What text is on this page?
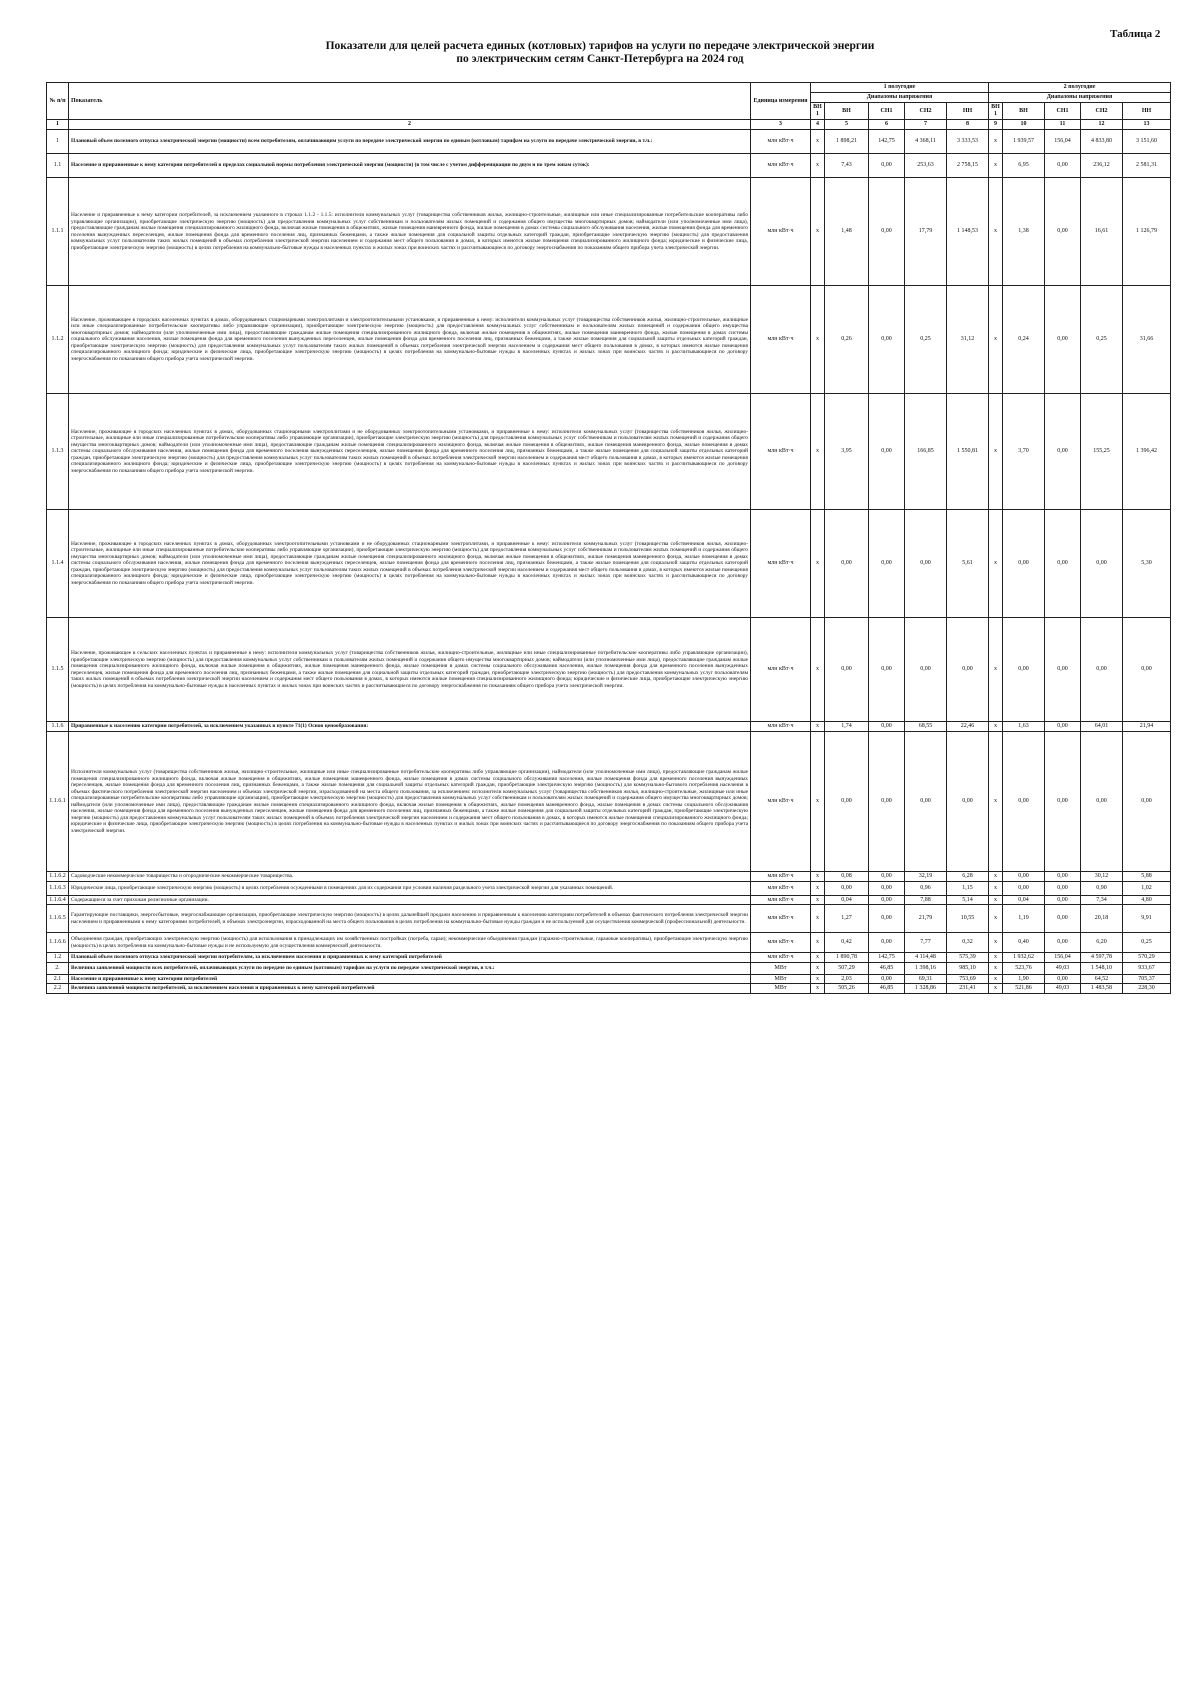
Таблица 2
Показатели для целей расчета единых (котловых) тарифов на услуги по передаче электрической энергии
по электрическим сетям Санкт-Петербурга на 2024 год
№ п/п	Показатель	Единица измерения	1 полугодие					2 полугодие				
			Диапазоны напряжения					Диапазоны напряжения				
			ВН1	ВН	СН1	СН2	НН	ВН1	ВН	СН1	СН2	НН
1	2	3	4	5	6	7	8	9	10	11	12	13
1	Плановый объем полезного отпуска электрической энергии (мощности) всем потребителям, оплачивающим услуги по передаче электрической энергии по единым (котловым) тарифам на услуги по передаче электрической энергии, в т.ч.:	млн кВт·ч	x	1 898,21	142,75	4 368,11	3 333,53	x	1 939,57	156,04	4 833,80	3 151,60
1.1	Население и приравненные к нему категории потребителей в пределах социальной нормы потребления электрической энергии (мощности) (в том числе с учетом дифференциации по двум и по трем зонам суток):	млн кВт·ч	x	7,43	0,00	253,63	2 758,15	x	6,95	0,00	236,12	2 581,31
1.1.1	Население и приравненные к нему категории потребителей, за исключением указанного в строках 1.1.2 - 1.1.5: исполнители коммунальных услуг (товарищества собственников жилья, жилищно-строительные, жилищные или иные специализированные потребительские кооперативы либо управляющие организации), приобретающие электрическую энергию (мощность) для предоставления коммунальных услуг собственникам и пользователям жилых помещений и содержания общего имущества многоквартирных домов; наймодатели (или уполномоченные ими лица), предоставляющие гражданам жилые помещения специализированного жилищного фонда, включая жилые помещения в общежитиях, жилые помещения маневренного фонда, жилые помещения в домах системы социального обслуживания населения, жилые помещения фонда для временного поселения вынужденных переселенцев, жилые помещения фонда для временного поселения лиц, признанных беженцами, а также жилые помещения для социальной защиты отдельных категорий граждан, приобретающие электрическую энергию (мощность) для предоставления коммунальных услуг пользователям таких жилых помещений в объемах потребления электрической энергии населением и содержания мест общего пользования в домах, в которых имеются жилые помещения специализированного жилищного фонда; юридические и физические лица, приобретающие электрическую энергию (мощность) в целях потребления на коммунально-бытовые нужды в населенных пунктах и жилых зонах при воинских частях и рассчитывающиеся по договору энергоснабжения по показаниям общего прибора учета электрической энергии.	млн кВт·ч	x	1,48	0,00	17,79	1 148,53	x	1,38	0,00	16,61	1 126,79
1.1.2	Население, проживающее в городских населенных пунктах в домах, оборудованных стационарными электроплитами и электроотопительными установками, и приравненные к нему: исполнители коммунальных услуг (товарищества собственников жилья, жилищно-строительные, жилищные или иные специализированные потребительские кооперативы либо управляющие организации), приобретающие электрическую энергию (мощность) для предоставления коммунальных услуг собственникам и пользователям жилых помещений и содержания общего имущества многоквартирных домов; наймодатели (или уполномоченные ими лица), предоставляющие гражданам жилые помещения специализированного жилищного фонда, включая жилые помещения в общежитиях, жилые помещения маневренного фонда, жилые помещения в домах системы социального обслуживания населения, жилые помещения фонда для временного поселения вынужденных переселенцев, жилые помещения фонда для временного поселения лиц, признанных беженцами, а также жилые помещения для социальной защиты отдельных категорий граждан, приобретающие электрическую энергию (мощность) для предоставления коммунальных услуг пользователям таких жилых помещений в объемах потребления электрической энергии населением и содержания мест общего пользования в домах, в которых имеются жилые помещения специализированного жилищного фонда; юридические и физические лица, приобретающие электрическую энергию (мощность) в целях потребления на коммунально-бытовые нужды в населенных пунктах и жилых зонах при воинских частях и рассчитывающиеся по договору энергоснабжения по показаниям общего прибора учета электрической энергии.	млн кВт·ч	x	0,26	0,00	0,25	31,12	x	0,24	0,00	0,25	31,66
1.1.3	Население, проживающее в городских населенных пунктах в домах, оборудованных стационарными электроплитами и не оборудованных электроотопительными установками, и приравненные к нему: исполнители коммунальных услуг (товарищества собственников жилья, жилищно-строительные, жилищные или иные специализированные потребительские кооперативы либо управляющие организации), приобретающие электрическую энергию (мощность) для предоставления коммунальных услуг собственникам и пользователям жилых помещений и содержания общего имущества многоквартирных домов; наймодатели (или уполномоченные ими лица), предоставляющие гражданам жилые помещения специализированного жилищного фонда, включая жилые помещения в общежитиях, жилые помещения маневренного фонда, жилые помещения в домах системы социального обслуживания населения, жилые помещения фонда для временного поселения вынужденных переселенцев, жилые помещения фонда для временного поселения лиц, признанных беженцами, а также жилые помещения для социальной защиты отдельных категорий граждан, приобретающие электрическую энергию (мощность) для предоставления коммунальных услуг пользователям таких жилых помещений в объемах потребления электрической энергии населением и содержания мест общего пользования в домах, в которых имеются жилые помещения специализированного жилищного фонда; юридические и физические лица, приобретающие электрическую энергию (мощность) в целях потребления на коммунально-бытовые нужды в населенных пунктах и жилых зонах при воинских частях и рассчитывающиеся по договору энергоснабжения по показаниям общего прибора учета электрической энергии.	млн кВт·ч	x	3,95	0,00	166,85	1 550,81	x	3,70	0,00	155,25	1 396,42
1.1.4	Население, проживающее в городских населенных пунктах в домах, оборудованных электроотопительными установками и не оборудованных стационарными электроплитами, и приравненные к нему: исполнители коммунальных услуг (товарищества собственников жилья, жилищно-строительные, жилищные или иные специализированные потребительские кооперативы либо управляющие организации), приобретающие электрическую энергию (мощность) для предоставления коммунальных услуг собственникам и пользователям жилых помещений и содержания общего имущества многоквартирных домов; наймодатели (или уполномоченные ими лица), предоставляющие гражданам жилые помещения специализированного жилищного фонда, включая жилые помещения в общежитиях, жилые помещения маневренного фонда, жилые помещения в домах системы социального обслуживания населения, жилые помещения фонда для временного поселения вынужденных переселенцев, жилые помещения фонда для временного поселения лиц, признанных беженцами, а также жилые помещения для социальной защиты отдельных категорий граждан, приобретающие электрическую энергию (мощность) для предоставления коммунальных услуг пользователям таких жилых помещений в объемах потребления электрической энергии населением и содержания мест общего пользования в домах, в которых имеются жилые помещения специализированного жилищного фонда; юридические и физические лица, приобретающие электрическую энергию (мощность) в целях потребления на коммунально-бытовые нужды в населенных пунктах и жилых зонах при воинских частях и рассчитывающиеся по договору энергоснабжения по показаниям общего прибора учета электрической энергии.	млн кВт·ч	x	0,00	0,00	0,00	5,61	x	0,00	0,00	0,00	5,30
1.1.5	Население, проживающее в сельских населенных пунктах и приравненные к нему: исполнители коммунальных услуг (товарищества собственников жилья, жилищно-строительные, жилищные или иные специализированные потребительские кооперативы либо управляющие организации), приобретающие электрическую энергию (мощность) для предоставления коммунальных услуг собственникам и пользователям жилых помещений и содержания общего имущества многоквартирных домов; наймодатели (или уполномоченные ими лица), предоставляющие гражданам жилые помещения специализированного жилищного фонда, включая жилые помещения в общежитиях, жилые помещения маневренного фонда, жилые помещения в домах системы социального обслуживания населения, жилые помещения фонда для временного поселения вынужденных переселенцев, жилые помещения фонда для временного поселения лиц, признанных беженцами, а также жилые помещения для социальной защиты отдельных категорий граждан, приобретающие электрическую энергию (мощность) для предоставления коммунальных услуг пользователям таких жилых помещений в объемах потребления электрической энергии населением и содержания мест общего пользования в домах, в которых имеются жилые помещения специализированного жилищного фонда; юридические и физические лица, приобретающие электрическую энергию (мощность) в целях потребления на коммунально-бытовые нужды в населенных пунктах и жилых зонах при воинских частях и рассчитывающиеся по договору энергоснабжения по показаниям общего прибора учета электрической энергии.	млн кВт·ч	x	0,00	0,00	0,00	0,00	x	0,00	0,00	0,00	0,00
1.1.6	Приравненные к населению категории потребителей, за исключением указанных в пункте 71(1) Основ ценообразования:	млн кВт·ч	x	1,74	0,00	68,55	22,46	x	1,63	0,00	64,01	21,94
1.1.6.1	Исполнители коммунальных услуг (товарищества собственников жилья, жилищно-строительные, жилищные или иные специализированные потребительские кооперативы либо управляющие организации), наймодатели (или уполномоченные ими лица), предоставляющие гражданам жилые помещения специализированного жилищного фонда, включая жилые помещения в общежитиях, жилые помещения маневренного фонда, жилые помещения в домах системы социального обслуживания населения, жилые помещения фонда для временного поселения вынужденных переселенцев, жилые помещения фонда для временного поселения лиц, признанных беженцами, а также жилые помещения для социальной защиты отдельных категорий граждан, приобретающие электрическую энергию (мощность) для коммунально-бытового потребления населения в объемах фактического потребления электрической энергии населением и объемах электрической энергии, израсходованной на места общего пользования, за исключением: исполнители коммунальных услуг (товарищества собственников жилья, жилищно-строительные, жилищные или иные специализированные потребительские кооперативы либо управляющие организации), приобретающие электрическую энергию (мощность) для предоставления коммунальных услуг собственникам и пользователям жилых помещений и содержания общего имущества многоквартирных домов; наймодатели (или уполномоченные ими лица), предоставляющие гражданам жилые помещения специализированного жилищного фонда, включая жилые помещения в общежитиях, жилые помещения маневренного фонда, жилые помещения в домах системы социального обслуживания населения, жилые помещения фонда для временного поселения вынужденных переселенцев, жилые помещения фонда для временного поселения лиц, признанных беженцами, а также жилые помещения для социальной защиты отдельных категорий граждан, приобретающие электрическую энергию (мощность) для предоставления коммунальных услуг пользователям таких жилых помещений в объемах потребления электрической энергии населением и содержания мест общего пользования в домах, в которых имеются жилые помещения специализированного жилищного фонда; юридические и физические лица, приобретающие электрическую энергию (мощность) в целях потребления на коммунально-бытовые нужды в населенных пунктах и жилых зонах при воинских частях и рассчитывающиеся по договору энергоснабжения по показаниям общего прибора учета электрической энергии.	млн кВт·ч	x	0,00	0,00	0,00	0,00	x	0,00	0,00	0,00	0,00
1.1.6.2	Садоводческие некоммерческие товарищества и огороднические некоммерческие товарищества.	млн кВт·ч	x	0,08	0,00	32,19	6,28	x	0,00	0,00	30,12	5,88
1.1.6.3	Юридические лица, приобретающие электрическую энергию (мощность) в целях потребления осужденными в помещениях для их содержания при условии наличия раздельного учета электрической энергии для указанных помещений.	млн кВт·ч	x	0,00	0,00	0,96	1,15	x	0,00	0,00	0,90	1,02
1.1.6.4	Содержащиеся за счет прихожан религиозные организации.	млн кВт·ч	x	0,04	0,00	7,88	5,14	x	0,04	0,00	7,34	4,80
1.1.6.5	Гарантирующие поставщики, энергосбытовые, энергоснабжающие организации, приобретающие электрическую энергию (мощность) в целях дальнейшей продажи населению и приравненным к населению категориям потребителей в объемах фактического потребления электрической энергии населением и приравненными к нему категориями потребителей, и объемах электроэнергии, израсходованной на места общего пользования в целях потребления на коммунально-бытовые нужды граждан и не используемой для осуществления коммерческой (профессиональной) деятельности.	млн кВт·ч	x	1,27	0,00	21,79	10,55	x	1,19	0,00	20,18	9,91
1.1.6.6	Объединения граждан, приобретающих электрическую энергию (мощность) для использования в принадлежащих им хозяйственных постройках (погреба, сараи); некоммерческие объединения граждан (гаражно-строительные, гаражные кооперативы), приобретающие электрическую энергию (мощность) в целях потребления на коммунально-бытовые нужды и не используемую для осуществления коммерческой деятельности.	млн кВт·ч	x	0,42	0,00	7,77	0,32	x	0,40	0,00	6,20	0,25
1.2	Плановый объем полезного отпуска электрической энергии потребителям, за исключением населения и приравненных к нему категорий потребителей	млн кВт·ч	x	1 890,78	142,75	4 114,48	575,39	x	1 932,62	156,04	4 597,78	570,29
2.	Величина заявленной мощности всех потребителей, оплачивающих услуги по передаче по единым (котловым) тарифам на услуги по передаче электрической энергии, в т.ч.:	МВт	x	507,29	46,85	1 398,16	985,10	x	523,76	49,03	1 548,10	933,67
2.1	Население и приравненные к нему категории потребителей	МВт	x	2,03	0,00	69,31	753,69	x	1,90	0,00	64,52	705,37
2.2	Величина заявленной мощности потребителей, за исключением населения и приравненных к нему категорий потребителей	МВт	x	505,26	46,85	1 328,86	231,41	x	521,86	49,03	1 483,58	228,30
